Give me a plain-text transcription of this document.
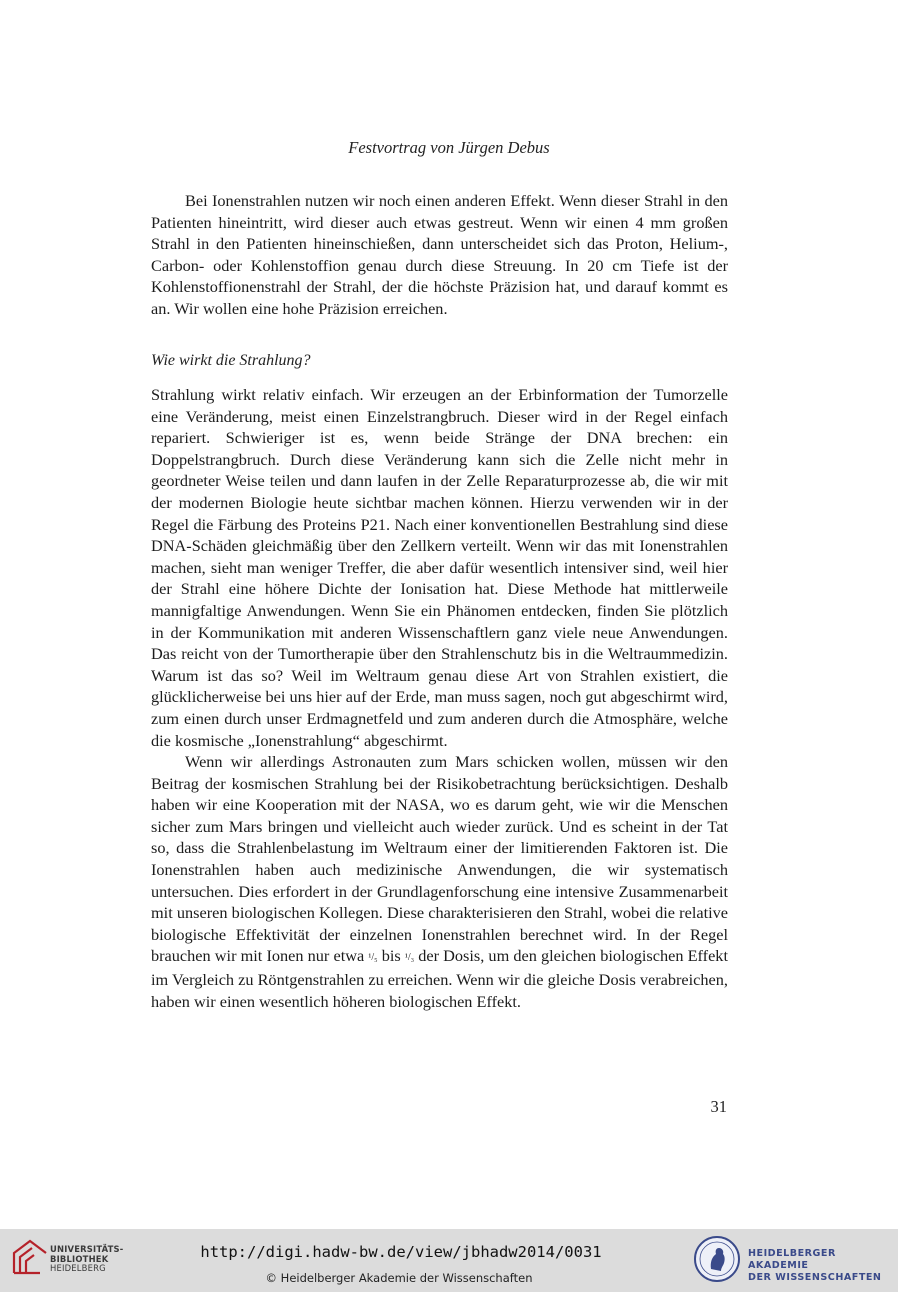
Festvortrag von Jürgen Debus

Bei Ionenstrahlen nutzen wir noch einen anderen Effekt. Wenn dieser Strahl in den Patienten hineintritt, wird dieser auch etwas gestreut. Wenn wir einen 4 mm großen Strahl in den Patienten hineinschießen, dann unterscheidet sich das Proton, Helium-, Carbon- oder Kohlenstoffion genau durch diese Streuung. In 20 cm Tiefe ist der Kohlenstoffionenstrahl der Strahl, der die höchste Präzision hat, und darauf kommt es an. Wir wollen eine hohe Präzision erreichen.

Wie wirkt die Strahlung?

Strahlung wirkt relativ einfach. Wir erzeugen an der Erbinformation der Tumorzelle eine Veränderung, meist einen Einzelstrangbruch. Dieser wird in der Regel einfach repariert. Schwieriger ist es, wenn beide Stränge der DNA brechen: ein Doppelstrangbruch. Durch diese Veränderung kann sich die Zelle nicht mehr in geordneter Weise teilen und dann laufen in der Zelle Reparaturprozesse ab, die wir mit der modernen Biologie heute sichtbar machen können. Hierzu verwenden wir in der Regel die Färbung des Proteins P21. Nach einer konventionellen Bestrahlung sind diese DNA-Schäden gleichmäßig über den Zellkern verteilt. Wenn wir das mit Ionenstrahlen machen, sieht man weniger Treffer, die aber dafür wesentlich intensiver sind, weil hier der Strahl eine höhere Dichte der Ionisation hat. Diese Methode hat mittlerweile mannigfaltige Anwendungen. Wenn Sie ein Phänomen entdecken, finden Sie plötzlich in der Kommunikation mit anderen Wissenschaftlern ganz viele neue Anwendungen. Das reicht von der Tumortherapie über den Strahlenschutz bis in die Weltraummedizin. Warum ist das so? Weil im Weltraum genau diese Art von Strahlen existiert, die glücklicherweise bei uns hier auf der Erde, man muss sagen, noch gut abgeschirmt wird, zum einen durch unser Erdmagnetfeld und zum anderen durch die Atmosphäre, welche die kosmische „Ionenstrahlung“ abgeschirmt.

Wenn wir allerdings Astronauten zum Mars schicken wollen, müssen wir den Beitrag der kosmischen Strahlung bei der Risikobetrachtung berücksichtigen. Deshalb haben wir eine Kooperation mit der NASA, wo es darum geht, wie wir die Menschen sicher zum Mars bringen und vielleicht auch wieder zurück. Und es scheint in der Tat so, dass die Strahlenbelastung im Weltraum einer der limitierenden Faktoren ist. Die Ionenstrahlen haben auch medizinische Anwendungen, die wir systematisch untersuchen. Dies erfordert in der Grundlagenforschung eine intensive Zusammenarbeit mit unseren biologischen Kollegen. Diese charakterisieren den Strahl, wobei die relative biologische Effektivität der einzelnen Ionenstrahlen berechnet wird. In der Regel brauchen wir mit Ionen nur etwa ¹/₅ bis ¹/₃ der Dosis, um den gleichen biologischen Effekt im Vergleich zu Röntgenstrahlen zu erreichen. Wenn wir die gleiche Dosis verabreichen, haben wir einen wesentlich höheren biologischen Effekt.

31
UNIVERSITÄTS-
BIBLIOTHEK
HEIDELBERG
http://digi.hadw-bw.de/view/jbhadw2014/0031
© Heidelberger Akademie der Wissenschaften
HEIDELBERGER AKADEMIE
DER WISSENSCHAFTEN
